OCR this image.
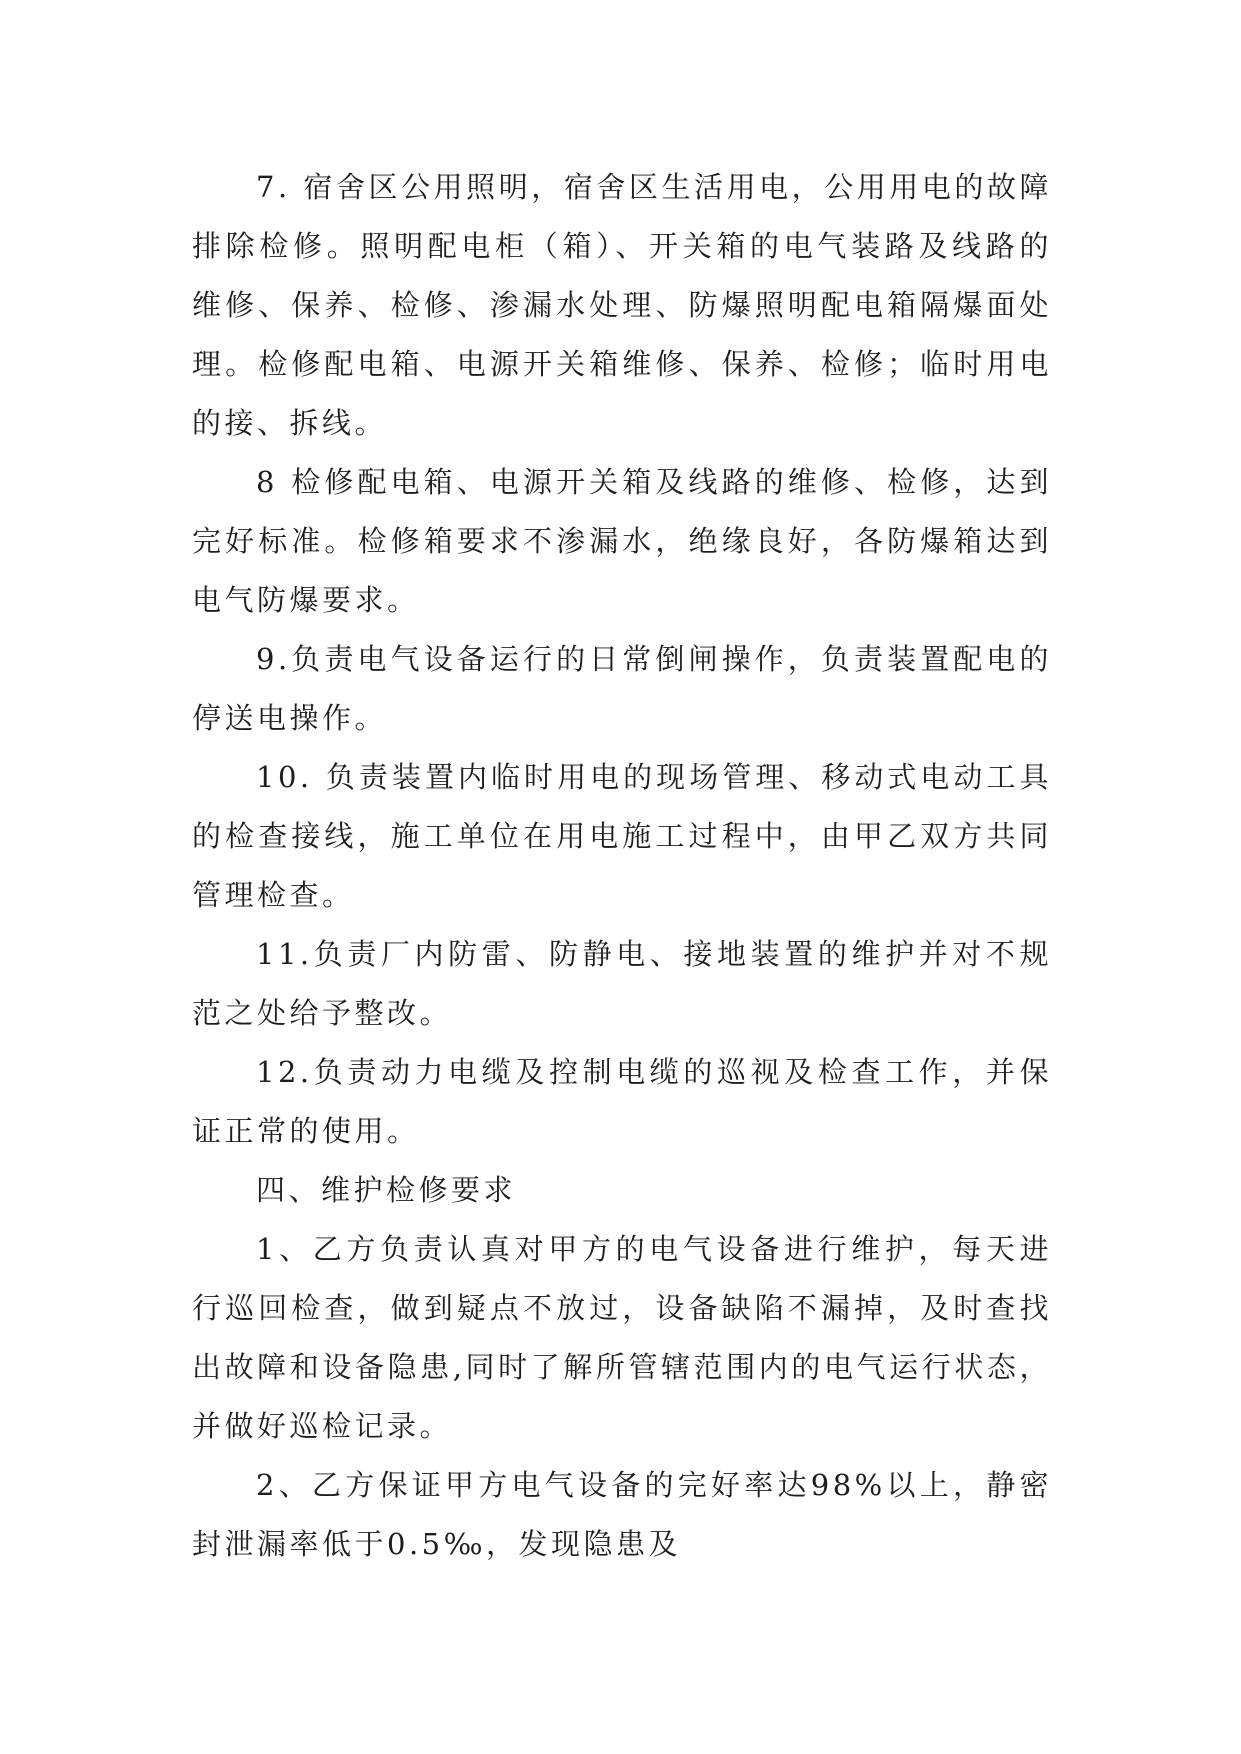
7. 宿舍区公用照明，宿舍区生活用电，公用用电的故障排除检修。照明配电柜（箱）、开关箱的电气装路及线路的维修、保养、检修、渗漏水处理、防爆照明配电箱隔爆面处理。检修配电箱、电源开关箱维修、保养、检修；临时用电的接、拆线。

8 检修配电箱、电源开关箱及线路的维修、检修，达到完好标准。检修箱要求不渗漏水，绝缘良好，各防爆箱达到电气防爆要求。

9.负责电气设备运行的日常倒闸操作，负责装置配电的停送电操作。

10. 负责装置内临时用电的现场管理、移动式电动工具的检查接线，施工单位在用电施工过程中，由甲乙双方共同管理检查。

11.负责厂内防雷、防静电、接地装置的维护并对不规范之处给予整改。

12.负责动力电缆及控制电缆的巡视及检查工作，并保证正常的使用。

四、维护检修要求

1、乙方负责认真对甲方的电气设备进行维护，每天进行巡回检查，做到疑点不放过，设备缺陷不漏掉，及时查找出故障和设备隐患,同时了解所管辖范围内的电气运行状态，并做好巡检记录。

2、乙方保证甲方电气设备的完好率达98%以上，静密封泄漏率低于0.5‰，发现隐患及
